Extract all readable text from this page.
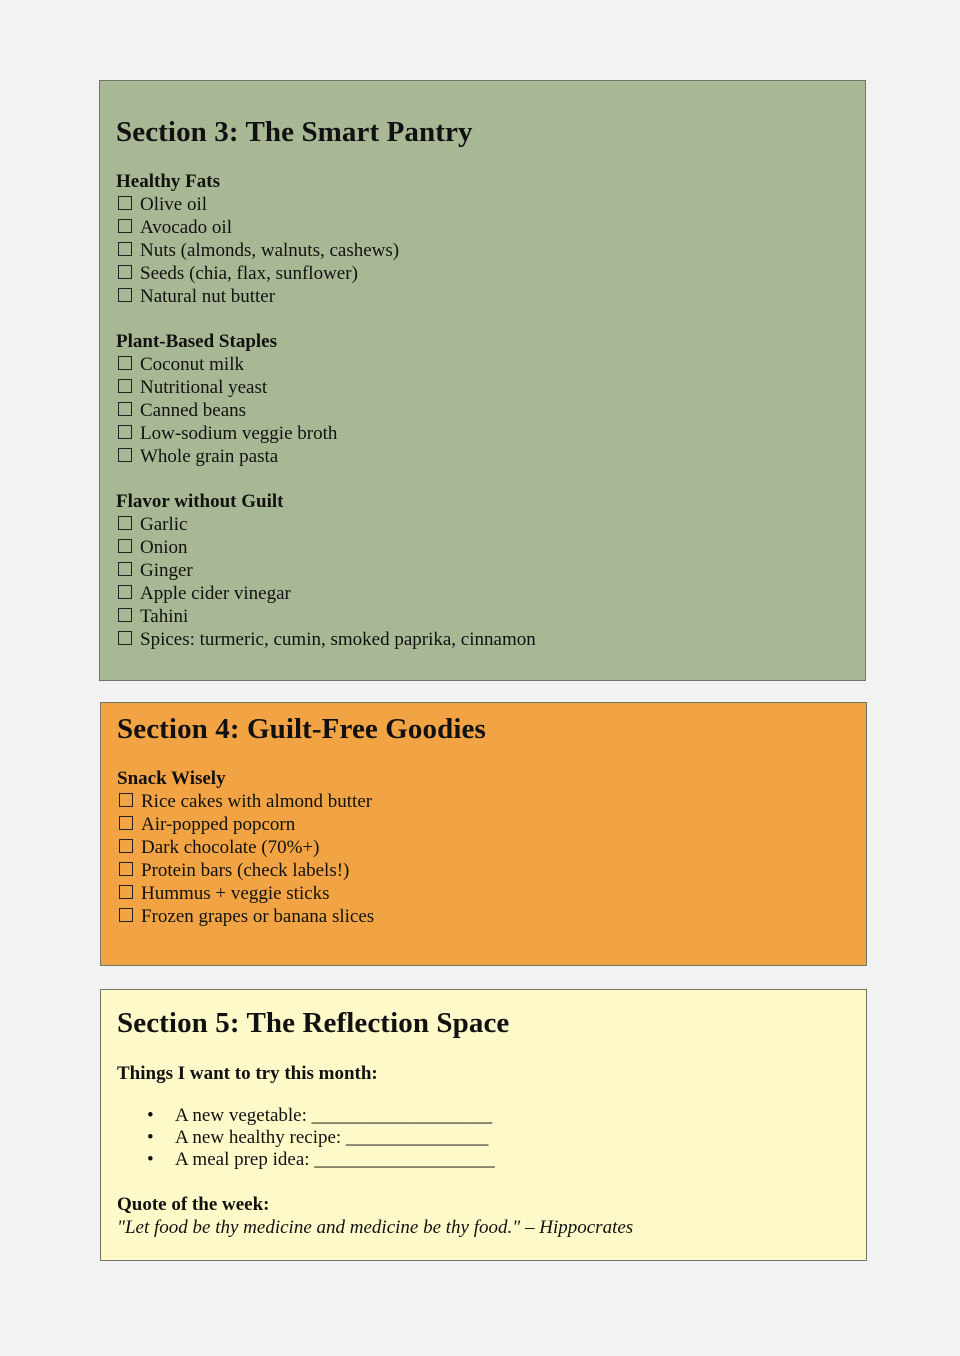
Section 3: The Smart Pantry
Healthy Fats
Olive oil
Avocado oil
Nuts (almonds, walnuts, cashews)
Seeds (chia, flax, sunflower)
Natural nut butter
Plant-Based Staples
Coconut milk
Nutritional yeast
Canned beans
Low-sodium veggie broth
Whole grain pasta
Flavor without Guilt
Garlic
Onion
Ginger
Apple cider vinegar
Tahini
Spices: turmeric, cumin, smoked paprika, cinnamon
Section 4: Guilt-Free Goodies
Snack Wisely
Rice cakes with almond butter
Air-popped popcorn
Dark chocolate (70%+)
Protein bars (check labels!)
Hummus + veggie sticks
Frozen grapes or banana slices
Section 5: The Reflection Space
Things I want to try this month:
• A new vegetable: ___________________
• A new healthy recipe: _______________
• A meal prep idea: ___________________
Quote of the week:
"Let food be thy medicine and medicine be thy food." – Hippocrates
